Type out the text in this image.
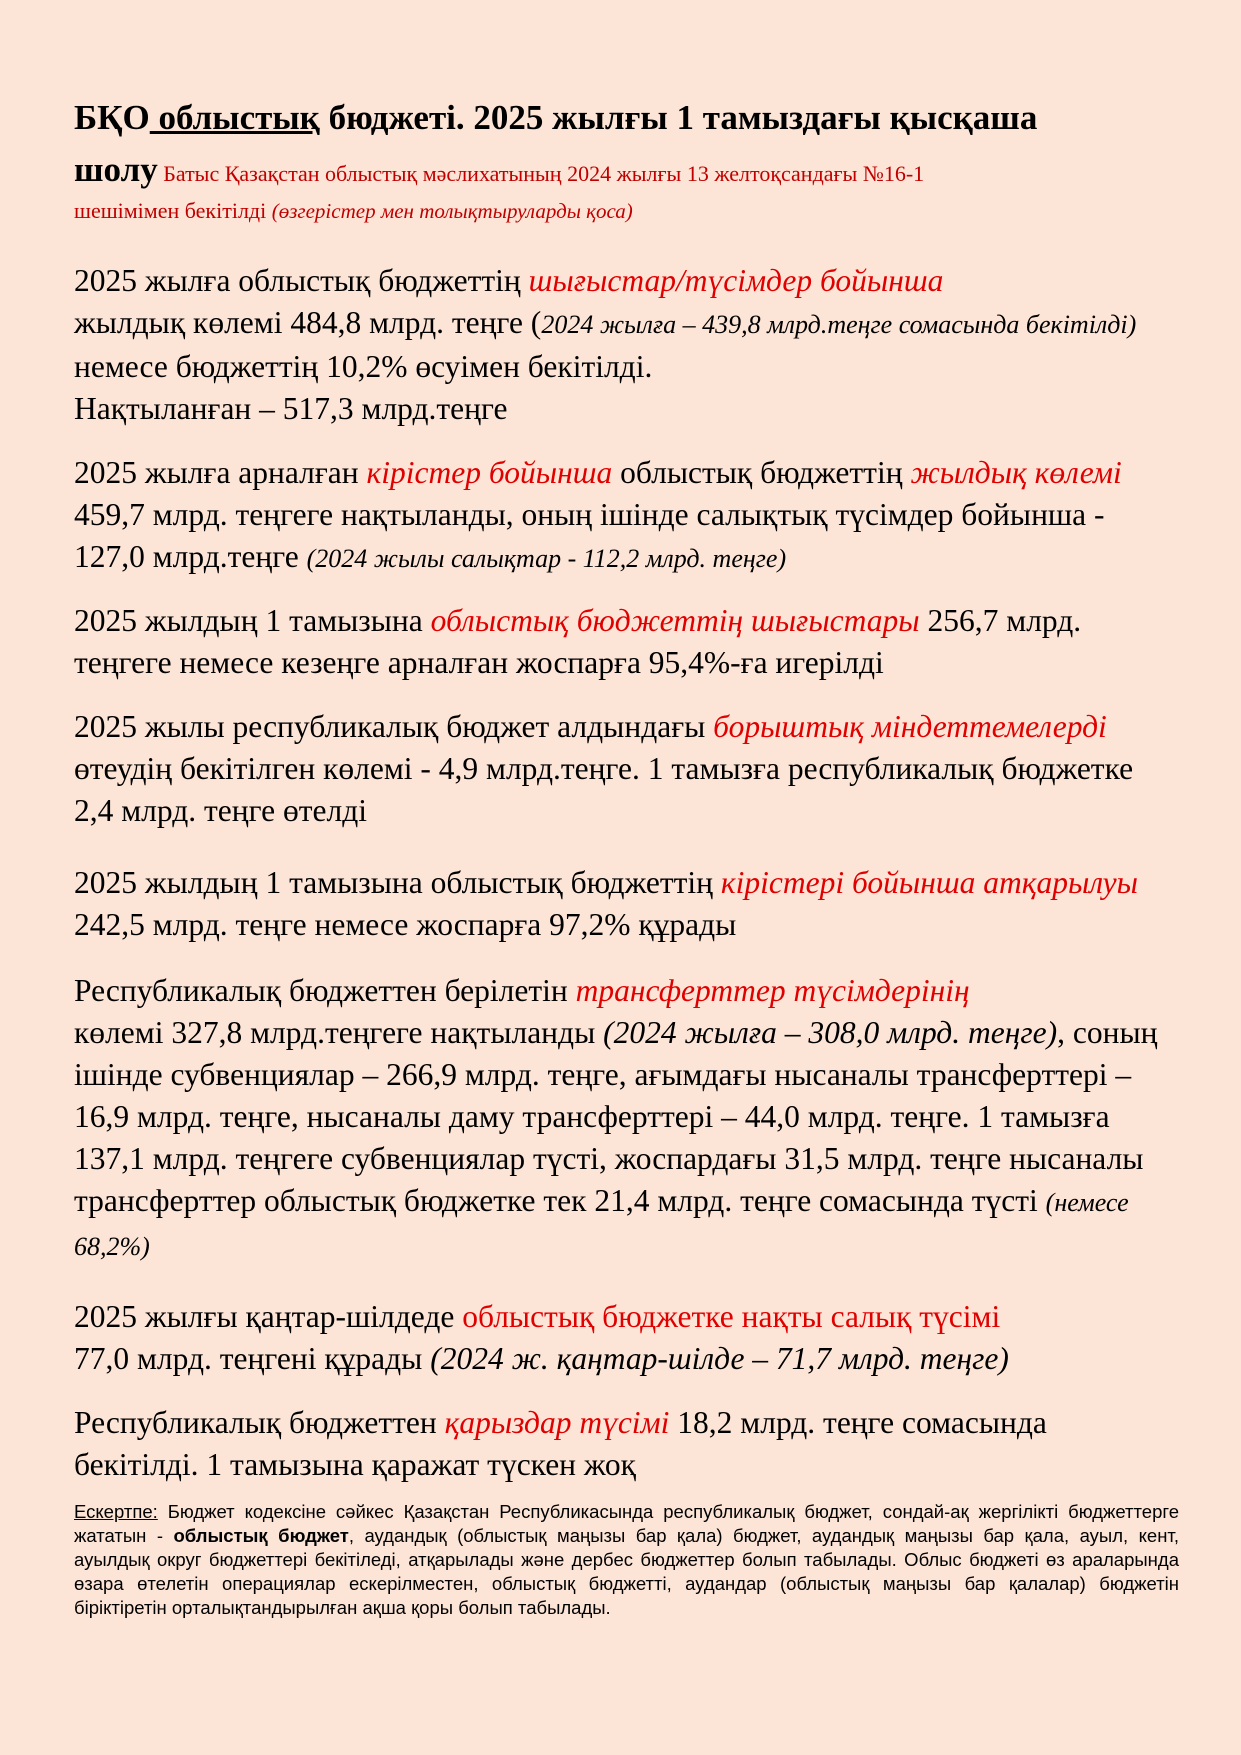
БҚО облыстық бюджеті. 2025 жылғы 1 тамыздағы қысқаша
шолу Батыс Қазақстан облыстық мәслихатының 2024 жылғы 13 желтоқсандағы №16-1
шешімімен бекітілді (өзгерістер мен толықтыруларды қоса)

2025 жылға облыстық бюджеттің шығыстар/түсімдер бойынша
жылдық көлемі 484,8 млрд. теңге (2024 жылға – 439,8 млрд.теңге сомасында бекітілді) немесе бюджеттің 10,2% өсуімен бекітілді.
Нақтыланған – 517,3 млрд.теңге

2025 жылға арналған кірістер бойынша облыстық бюджеттің жылдық көлемі 459,7 млрд. теңгеге нақтыланды, оның ішінде салықтық түсімдер бойынша - 127,0 млрд.теңге (2024 жылы салықтар - 112,2 млрд. теңге)

2025 жылдың 1 тамызына облыстық бюджеттің шығыстары 256,7 млрд. теңгеге немесе кезеңге арналған жоспарға 95,4%-ға игерілді

2025 жылы республикалық бюджет алдындағы борыштық міндеттемелерді өтеудің бекітілген көлемі - 4,9 млрд.теңге. 1 тамызға республикалық бюджетке 2,4 млрд. теңге өтелді

2025 жылдың 1 тамызына облыстық бюджеттің кірістері бойынша атқарылуы 242,5 млрд. теңге немесе жоспарға 97,2% құрады

Республикалық бюджеттен берілетін трансферттер түсімдерінің
көлемі 327,8 млрд.теңгеге нақтыланды (2024 жылға – 308,0 млрд. теңге), соның ішінде субвенциялар – 266,9 млрд. теңге, ағымдағы нысаналы трансферттері – 16,9 млрд. теңге, нысаналы даму трансферттері – 44,0 млрд. теңге. 1 тамызға 137,1 млрд. теңгеге субвенциялар түсті, жоспардағы 31,5 млрд. теңге нысаналы трансферттер облыстық бюджетке тек 21,4 млрд. теңге сомасында түсті (немесе 68,2%)

2025 жылғы қаңтар-шілдеде облыстық бюджетке нақты салық түсімі
77,0 млрд. теңгені құрады (2024 ж. қаңтар-шілде – 71,7 млрд. теңге)

Республикалық бюджеттен қарыздар түсімі 18,2 млрд. теңге сомасында бекітілді. 1 тамызына қаражат түскен жоқ

Ескертпе: Бюджет кодексіне сәйкес Қазақстан Республикасында республикалық бюджет, сондай-ақ жергілікті бюджеттерге жататын - облыстық бюджет, аудандық (облыстық маңызы бар қала) бюджет, аудандық маңызы бар қала, ауыл, кент, ауылдық округ бюджеттері бекітіледі, атқарылады және дербес бюджеттер болып табылады. Облыс бюджеті өз араларында өзара өтелетін операциялар ескерілместен, облыстық бюджетті, аудандар (облыстық маңызы бар қалалар) бюджетін біріктіретін орталықтандырылған ақша қоры болып табылады.
